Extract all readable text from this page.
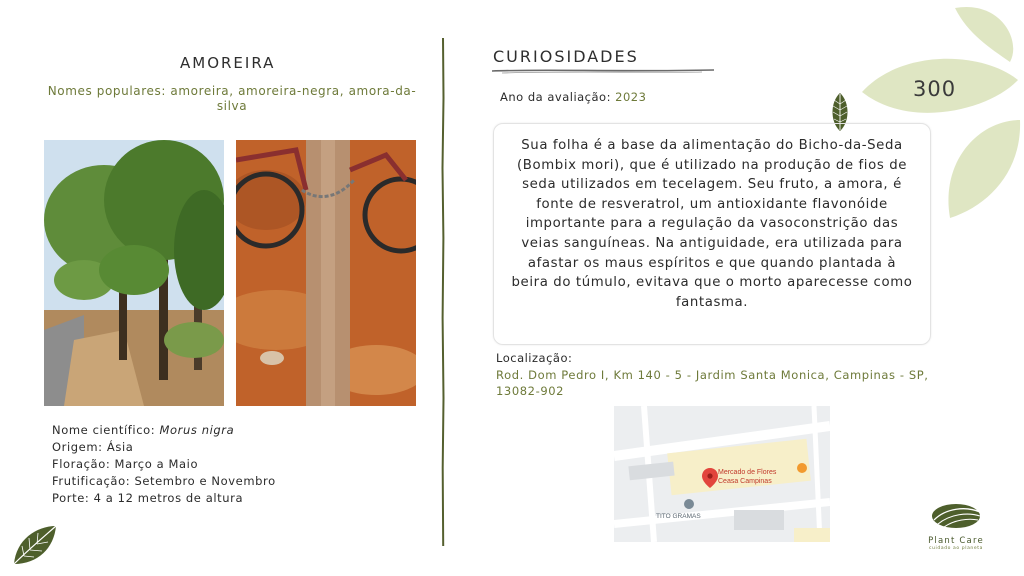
300
AMOREIRA
Nomes populares: amoreira, amoreira-negra, amora-da-silva
Nome científico: Morus nigra
Origem: Ásia
Floração: Março a Maio
Frutificação: Setembro e Novembro
Porte: 4 a 12 metros de altura
CURIOSIDADES
Ano da avaliação: 2023

Sua folha é a base da alimentação do Bicho-da-Seda (Bombix mori), que é utilizado na produção de fios de seda utilizados em tecelagem. Seu fruto, a amora, é fonte de resveratrol, um antioxidante flavonóide importante para a regulação da vasoconstrição das veias sanguíneas. Na antiguidade, era utilizada para afastar os maus espíritos e que quando plantada à beira do túmulo, evitava que o morto aparecesse como fantasma.

Localização:
Rod. Dom Pedro I, Km 140 - 5 - Jardim Santa Monica, Campinas - SP, 13082-902
Mercado de Flores
Ceasa Campinas
TITO GRAMAS
Plant Care
cuidado ao planeta
